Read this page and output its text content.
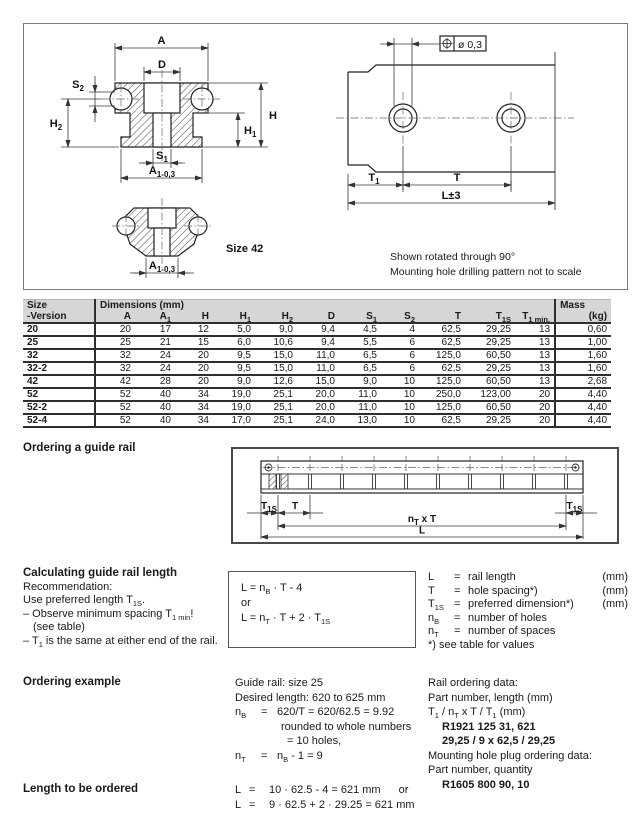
A
D
$S_2$
$H_2$
H
$H_1$
$S_1$
$A_{1-0,3}$
$A_{1-0,3}$
Size 42
ø 0,3
$T_1$	T
L±3
Shown rotated through 90°
Mounting hole drilling pattern not to scale
Size	Dimensions (mm)											Mass
-Version	A	$A_1$	H	$H_1$	$H_2$	D	$S_1$	$S_2$	T	$T_{1S}$	$T_{1 min.}$	(kg)
20	20	17	12	5,0	9,0	9,4	4,5	4	62,5	29,25	13	0,60
25	25	21	15	6,0	10,6	9,4	5,5	6	62,5	29,25	13	1,00
32	32	24	20	9,5	15,0	11,0	6,5	6	125,0	60,50	13	1,60
32-2	32	24	20	9,5	15,0	11,0	6,5	6	62,5	29,25	13	1,60
42	42	28	20	9,0	12,6	15,0	9,0	10	125,0	60,50	13	2,68
52	52	40	34	19,0	25,1	20,0	11,0	10	250,0	123,00	20	4,40
52-2	52	40	34	19,0	25,1	20,0	11,0	10	125,0	60,50	20	4,40
52-4	52	40	34	17,0	25,1	24,0	13,0	10	62,5	29,25	20	4,40
Ordering a guide rail
$T_{1S}$ T	$T_{1S}$
$n_T$ x T
L
Calculating guide rail length
Recommendation:
Use preferred length $T_{1S}$.
– Observe minimum spacing $T_{1 min}$!
(see table)
– $T_1$ is the same at either end of the rail.
$L = n_B \cdot T - 4$
or
$L = n_T \cdot T + 2 \cdot T_{1S}$
L	= rail length	(mm)
T	= hole spacing*)	(mm)
$T_{1S}$ = preferred dimension*)	(mm)
$n_B$	= number of holes
$n_T$	= number of spaces
*) see table for values
Ordering example	Guide rail: size 25
Desired length: 620 to 625 mm
$n_B$	= 620/T = 620/62.5 = 9.92
rounded to whole numbers
= 10 holes,
$n_T$	= $n_B - 1 = 9$
Rail ordering data:
Part number, length (mm)
$T_1 / n_T$ x T / $T_1$ (mm)
R1921 125 31, 621
29,25 / 9 x 62,5 / 29,25
Mounting hole plug ordering data:
Part number, quantity
R1605 800 90, 10
Length to be ordered	L = 10 · 62.5 - 4 = 621 mm or
L = 9 · 62.5 + 2 · 29.25 = 621 mm
